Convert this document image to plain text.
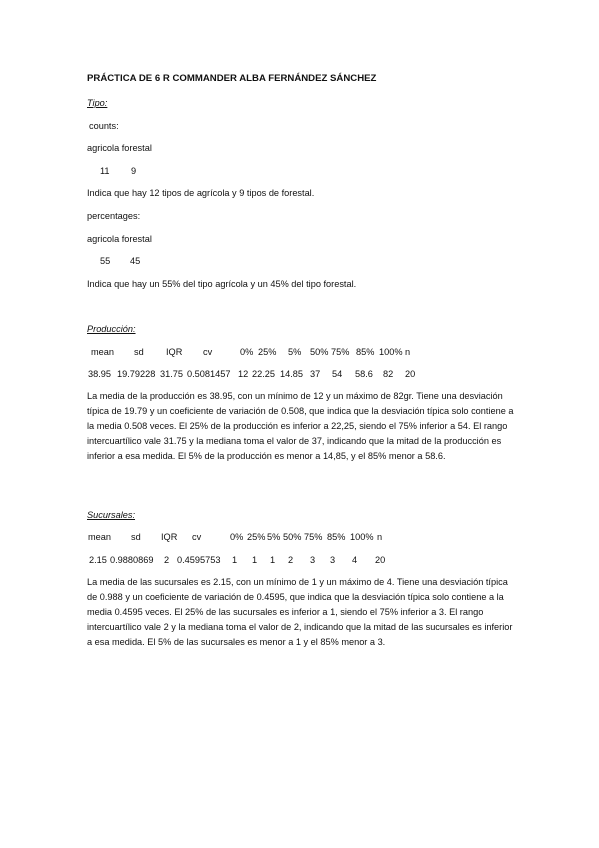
PRÁCTICA DE 6 R COMMANDER ALBA FERNÁNDEZ SÁNCHEZ
Tipo:
counts:
agricola forestal
11 9
Indica que hay 12 tipos de agrícola y 9 tipos de forestal.
percentages:
agricola forestal
55 45
Indica que hay un 55% del tipo agrícola y un 45% del tipo forestal.
Producción:
mean sd IQR cv	0% 25% 5% 50% 75% 85% 100% n
38.95 19.79228 31.75 0.5081457 12 22.25 14.85 37 54 58.6 82 20
La media de la producción es 38.95, con un mínimo de 12 y un máximo de 82gr. Tiene una desviación típica de 19.79 y un coeficiente de variación de 0.508, que indica que la desviación típica solo contiene a la media 0.508 veces. El 25% de la producción es inferior a 22,25, siendo el 75% inferior a 54. El rango intercuartílico vale 31.75 y la mediana toma el valor de 37, indicando que la mitad de la producción es inferior a esa medida. El 5% de la producción es menor a 14,85, y el 85% menor a 58.6.
Sucursales:
mean sd IQR cv	0% 25% 5% 50% 75% 85% 100% n
2.15 0.9880869 2 0.4595753 1 1 1 2 3 3 4 20
La media de las sucursales es 2.15, con un mínimo de 1 y un máximo de 4. Tiene una desviación típica de 0.988 y un coeficiente de variación de 0.4595, que indica que la desviación típica solo contiene a la media 0.4595 veces. El 25% de las sucursales es inferior a 1, siendo el 75% inferior a 3. El rango intercuartílico vale 2 y la mediana toma el valor de 2, indicando que la mitad de las sucursales es inferior a esa medida. El 5% de las sucursales es menor a 1 y el 85% menor a 3.
